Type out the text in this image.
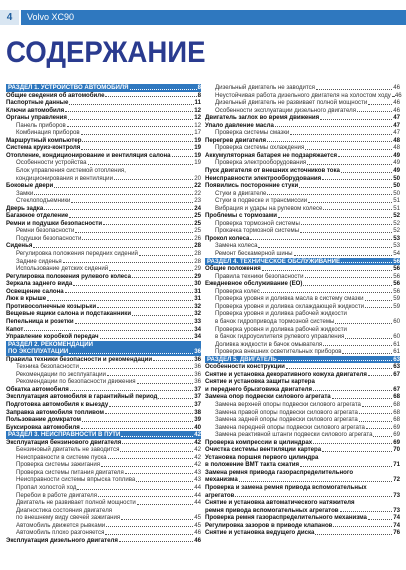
4	Volvo XC90
СОДЕРЖАНИЕ
РАЗДЕЛ 1. УСТРОЙСТВО АВТОМОБИЛЯ	8
Общие сведения об автомобиле	8
Паспортные данные	11
Ключи автомобиля	12
Органы управления	12
Панель приборов	12
Комбинация приборов	17
Маршрутный компьютер	19
Система круиз-контроля	19
Отопление, кондиционирование и вентиляция салона	19
Особенности устройства	19
Блок управления системой отопления,
кондиционирования и вентиляции	20
Боковые двери	22
Замки	22
Стеклоподъемники	23
Дверь задка	24
Багажное отделение	25
Ремни и подушки безопасности	25
Ремни безопасности	25
Подушки безопасности	26
Сиденья	28
Регулировка положения передних сидений	28
Задние сиденья	28
Использование детских сидений	29
Регулировка положения рулевого колеса	29
Зеркала заднего вида	30
Освещение салона	31
Люк в крыше	31
Противосолнечные козырьки	32
Вещевые ящики салона и подстаканники	32
Пепельница и розетки	33
Капот	34
Управление коробкой передач	34
РАЗДЕЛ 2. РЕКОМЕНДАЦИИ
ПО ЭКСПЛУАТАЦИИ	36
Правила техники безопасности и рекомендации	36
Техника безопасности	36
Рекомендации по эксплуатации	36
Рекомендации по безопасности движения	36
Обкатка автомобиля	37
Эксплуатация автомобиля в гарантийный период	37
Подготовка автомобиля к выезду	37
Заправка автомобиля топливом	38
Пользование домкратом	39
Буксировка автомобиля	40
РАЗДЕЛ 3. НЕИСПРАВНОСТИ В ПУТИ	42
Эксплуатация бензинового двигателя	42
Бензиновый двигатель не заводится	42
Неисправности в системе пуска	42
Проверка системы зажигания	42
Проверка системы питания двигателя	43
Неисправности системы впрыска топлива	43
Пропал холостой ход	44
Перебои в работе двигателя	44
Двигатель не развивает полной мощности	44
Диагностика состояния двигателя
по внешнему виду свечей зажигания	45
Автомобиль движется рывками	45
Автомобиль плохо разгоняется	46
Эксплуатация дизельного двигателя	46
Дизельный двигатель не заводится	46
Неустойчивая работа дизельного двигателя на холостом ходу 46
Дизельный двигатель не развивает полной мощности	46
Особенности эксплуатации дизельного двигателя	46
Двигатель заглох во время движения	47
Упало давление масла	47
Проверка системы смазки	47
Перегрев двигателя	48
Проверка системы охлаждения	48
Аккумуляторная батарея не подзаряжается	49
Проверка электрооборудования	49
Пуск двигателя от внешних источников тока	49
Неисправности электрооборудования	50
Появились посторонние стуки	50
Стуки в двигателе	50
Стуки в подвеске и трансмиссии	51
Вибрация и удары на рулевом колесе	51
Проблемы с тормозами	52
Проверка тормозной системы	52
Прокачка тормозной системы	52
Прокол колеса	53
Замена колеса	53
Ремонт бескамерной шины	54
РАЗДЕЛ 4. ТЕХНИЧЕСКОЕ ОБСЛУЖИВАНИЕ	56
Общие положения	56
Правила техники безопасности	56
Ежедневное обслуживание (ЕО)	56
Проверка колес	56
Проверка уровня и доливка масла в систему смазки	59
Проверка уровня и доливка охлаждающей жидкости	59
Проверка уровня и доливка рабочей жидкости
в бачок гидропривода тормозной системы	60
Проверка уровня и доливка рабочей жидкости
в бачок гидроусилителя рулевого управления	60
Доливка жидкости в бачок омывателя	61
Проверка внешних осветительных приборов	61
РАЗДЕЛ 5. ДВИГАТЕЛЬ	63
Особенности конструкции	63
Снятие и установка декоративного кожуха двигателя	67
Снятие и установка защиты картера
и переднего брызговика двигателя	67
Замена опор подвески силового агрегата	68
Замена верхней опоры подвески силового агрегата	68
Замена правой опоры подвески силового агрегата	68
Замена задней опоры подвески силового агрегата	68
Замена передней опоры подвески силового агрегата	69
Замена реактивной штанги подвески силового агрегата	69
Проверка компрессии в цилиндрах	69
Очистка системы вентиляции картера	70
Установка поршня первого цилиндра
в положение ВМТ такта сжатия	71
Замена ремня привода газораспределительного
механизма	72
Проверка и замена ремня привода вспомогательных
агрегатов	73
Снятие и установка автоматического натяжителя
ремня привода вспомогательных агрегатов	73
Проверка ремня газораспределительного механизма	74
Регулировка зазоров в приводе клапанов	74
Снятие и установка ведущего диска	76
